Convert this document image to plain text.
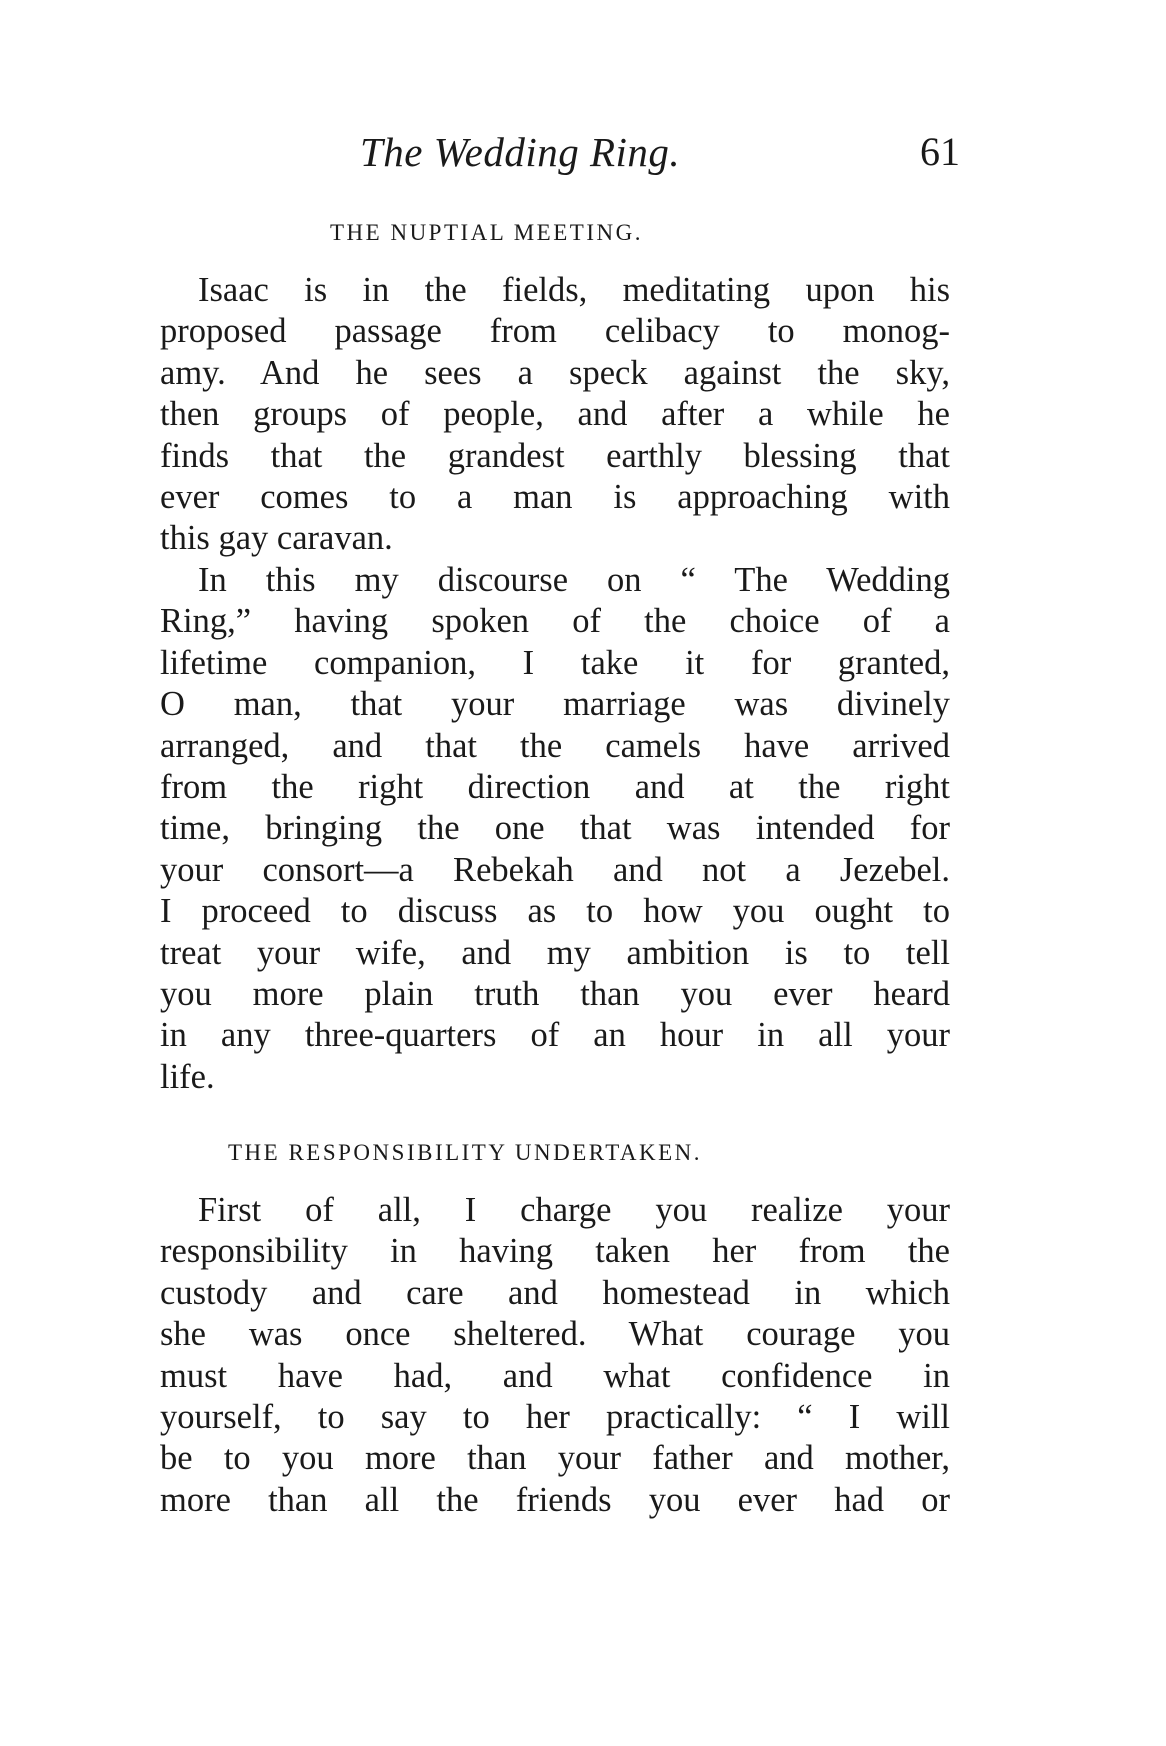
The Wedding Ring.	61
THE NUPTIAL MEETING.

Isaac is in the fields, meditating upon his
proposed passage from celibacy to monog-
amy. And he sees a speck against the sky,
then groups of people, and after a while he
finds that the grandest earthly blessing that
ever comes to a man is approaching with
this gay caravan.

In this my discourse on “ The Wedding
Ring,” having spoken of the choice of a
lifetime companion, I take it for granted,
O man, that your marriage was divinely
arranged, and that the camels have arrived
from the right direction and at the right
time, bringing the one that was intended for
your consort—a Rebekah and not a Jezebel.
I proceed to discuss as to how you ought to
treat your wife, and my ambition is to tell
you more plain truth than you ever heard
in any three-quarters of an hour in all your
life.

THE RESPONSIBILITY UNDERTAKEN.

First of all, I charge you realize your
responsibility in having taken her from the
custody and care and homestead in which
she was once sheltered. What courage you
must have had, and what confidence in
yourself, to say to her practically: “ I will
be to you more than your father and mother,
more than all the friends you ever had or
